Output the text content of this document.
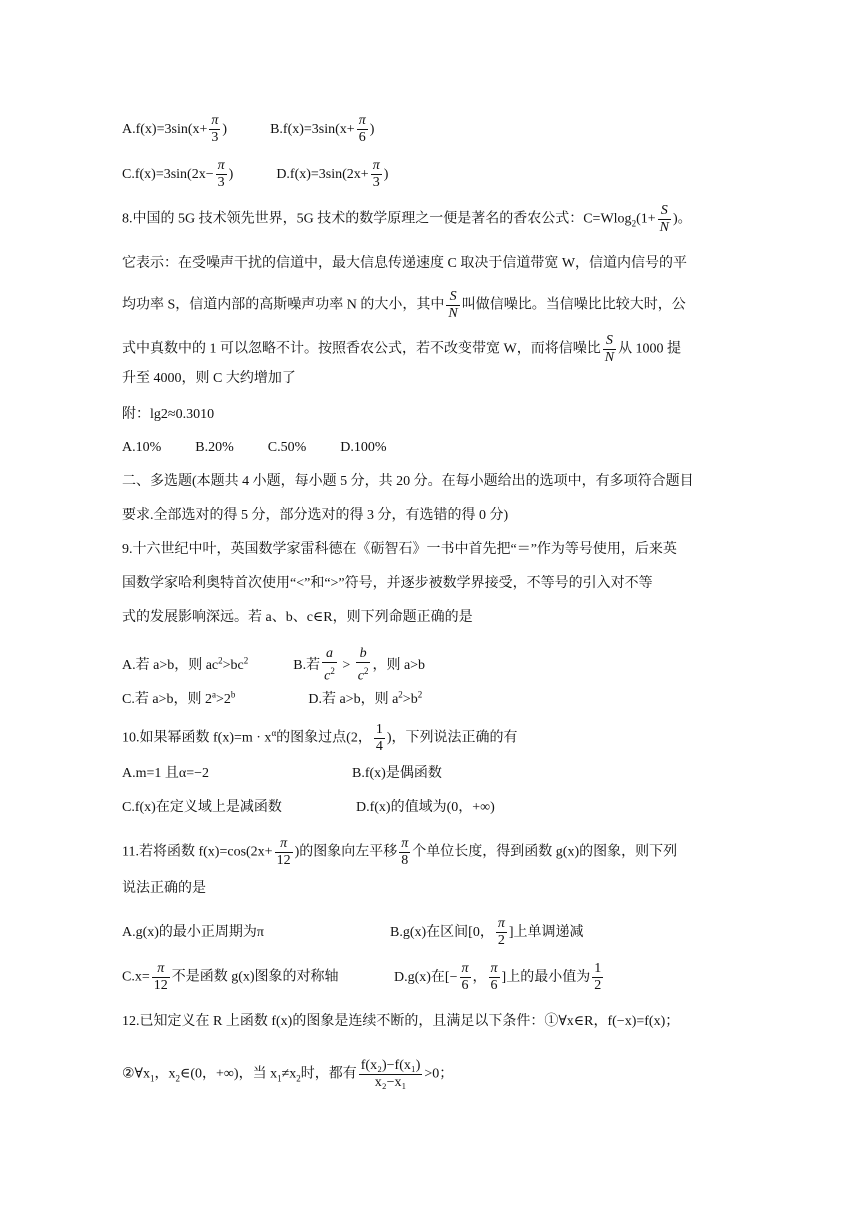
$A.f(x)=3\sin(x+ \frac{\pi}{3}$ )	$B.f(x)=3\sin(x+ \frac{\pi}{6}$ )
$C.f(x)=3\sin(2x- \frac{\pi}{3}$ )	$D.f(x)=3\sin(2x+ \frac{\pi}{3}$ )
8.中国的 5G 技术领先世界，5G 技术的数学原理之一便是著名的香农公式：$C=Wlog_2(1+ \frac{S}{N}$ )。
它表示：在受噪声干扰的信道中，最大信息传递速度 C 取决于信道带宽 W，信道内信号的平
均功率 S，信道内部的高斯噪声功率 N 的大小，其中 $\frac{S}{N}$ 叫做信噪比。当信噪比比较大时，公
式中真数中的 1 可以忽略不计。按照香农公式，若不改变带宽 W，而将信噪比 $\frac{S}{N}$ 从 1000 提
升至 4000，则 C 大约增加了
附：lg2≈0.3010
A.10% B.20% C.50% D.100%
二、多选题(本题共 4 小题，每小题 5 分，共 20 分。在每小题给出的选项中，有多项符合题目
要求.全部选对的得 5 分，部分选对的得 3 分，有选错的得 0 分)
9.十六世纪中叶，英国数学家雷科德在《砺智石》一书中首先把“＝”作为等号使用，后来英
国数学家哈利奥特首次使用“<”和“>”符号，并逐步被数学界接受，不等号的引入对不等
式的发展影响深远。若 a、b、c∈R，则下列命题正确的是
A.若 a>b，则 $ac^2>bc^2$	B.若 $\frac{a}{c^2} > \frac{b}{c^2}$ ，则 a>b
C.若 a>b，则 $2^a>2^b$	D.若 a>b，则 $a^2>b^2$
10.如果幂函数 $f(x)=m \cdot x^\alpha$的图象过点(2， $\frac{1}{4}$ )，下列说法正确的有
A.m=1 且α=−2	B.f(x)是偶函数
C.f(x)在定义域上是减函数	D.f(x)的值域为(0，+∞)
11.若将函数 $f(x)=\cos(2x+ \frac{\pi}{12}$ )的图象向左平移 $\frac{\pi}{8}$ 个单位长度，得到函数 g(x)的图象，则下列
说法正确的是
A.g(x)的最小正周期为π	B.g(x)在区间[0， $\frac{\pi}{2}$ ]上单调递减
$C.x= \frac{\pi}{12}$ 不是函数 g(x)图象的对称轴	D.g(x)在[− $\frac{\pi}{6}$ ， $\frac{\pi}{6}$ ]上的最小值为 $\frac{1}{2}$
12.已知定义在 R 上函数 f(x)的图象是连续不断的，且满足以下条件：①∀x∈R，f(−x)=f(x)；
$②\forall x_1$，$x_2\in(0$，+∞)，当 $x_1\ne x_2$时，都有 $\frac{\text{f(x₂)−f(x₁)}}{\text{x₂−x₁}} >0$；
